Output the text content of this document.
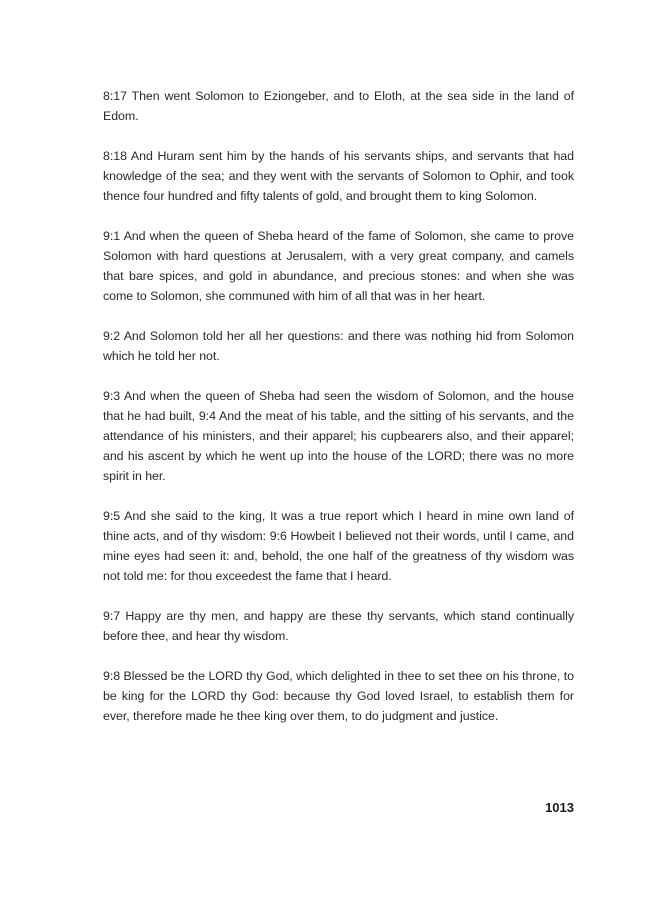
8:17 Then went Solomon to Eziongeber, and to Eloth, at the sea side in the land of Edom.

8:18 And Huram sent him by the hands of his servants ships, and servants that had knowledge of the sea; and they went with the servants of Solomon to Ophir, and took thence four hundred and fifty talents of gold, and brought them to king Solomon.

9:1 And when the queen of Sheba heard of the fame of Solomon, she came to prove Solomon with hard questions at Jerusalem, with a very great company, and camels that bare spices, and gold in abundance, and precious stones: and when she was come to Solomon, she communed with him of all that was in her heart.

9:2 And Solomon told her all her questions: and there was nothing hid from Solomon which he told her not.

9:3 And when the queen of Sheba had seen the wisdom of Solomon, and the house that he had built, 9:4 And the meat of his table, and the sitting of his servants, and the attendance of his ministers, and their apparel; his cupbearers also, and their apparel; and his ascent by which he went up into the house of the LORD; there was no more spirit in her.

9:5 And she said to the king, It was a true report which I heard in mine own land of thine acts, and of thy wisdom: 9:6 Howbeit I believed not their words, until I came, and mine eyes had seen it: and, behold, the one half of the greatness of thy wisdom was not told me: for thou exceedest the fame that I heard.

9:7 Happy are thy men, and happy are these thy servants, which stand continually before thee, and hear thy wisdom.

9:8 Blessed be the LORD thy God, which delighted in thee to set thee on his throne, to be king for the LORD thy God: because thy God loved Israel, to establish them for ever, therefore made he thee king over them, to do judgment and justice.

1013
